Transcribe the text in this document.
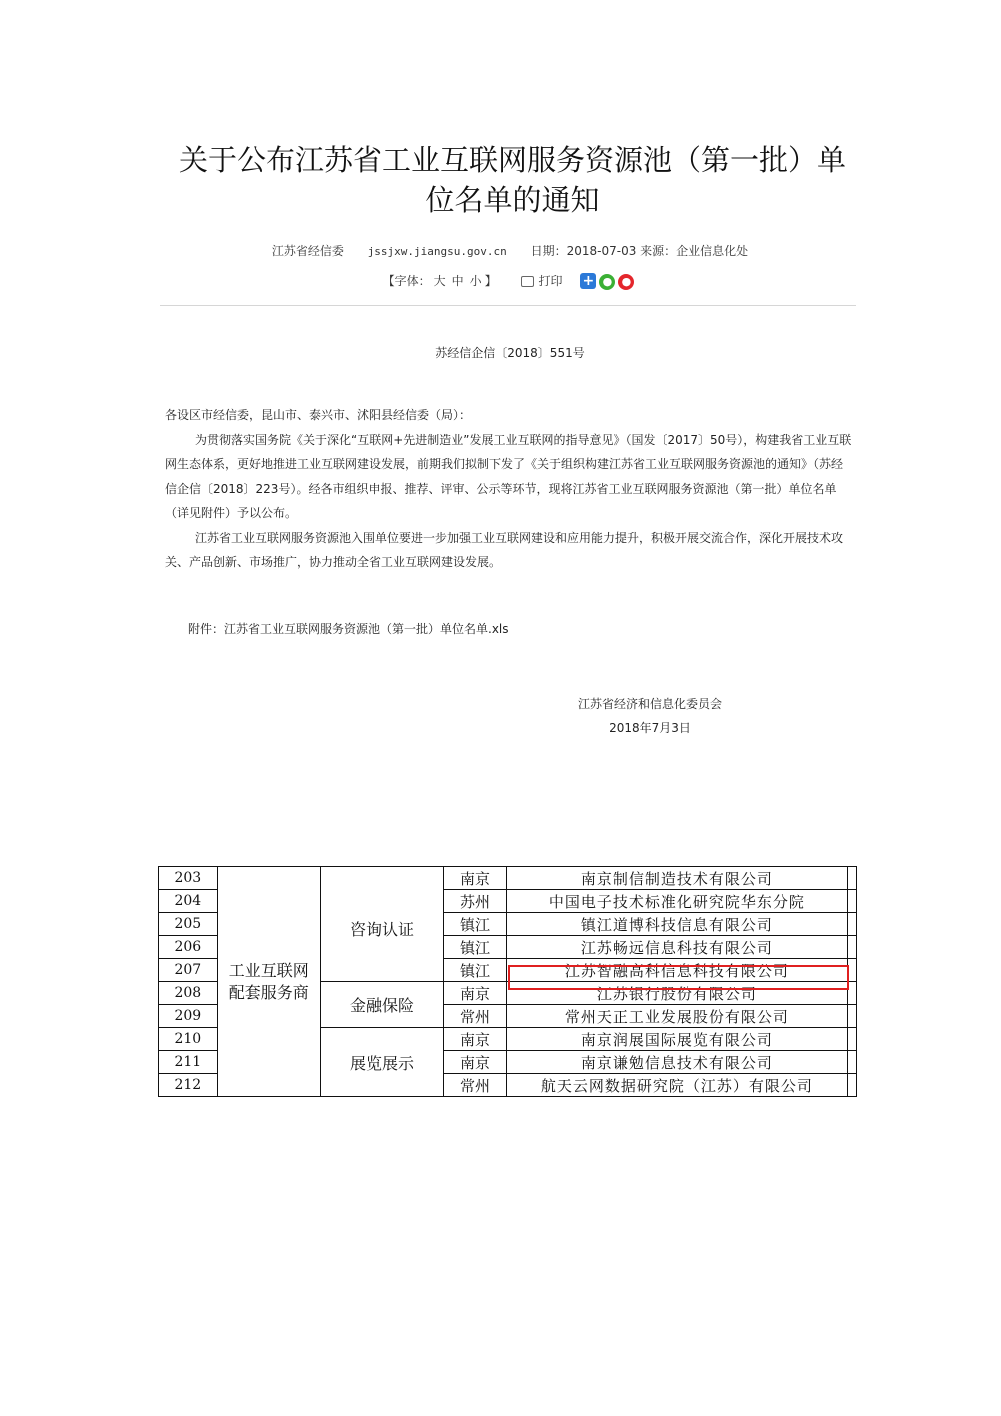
关于公布江苏省工业互联网服务资源池（第一批）单位名单的通知
江苏省经信委 jssjxw.jiangsu.gov.cn 日期：2018-07-03 来源：企业信息化处
【字体： 大 中 小 】	打印 + ● ●
苏经信企信〔2018〕551号

各设区市经信委，昆山市、泰兴市、沭阳县经信委（局）：

为贯彻落实国务院《关于深化“互联网+先进制造业”发展工业互联网的指导意见》（国发〔2017〕50号），构建我省工业互联网生态体系，更好地推进工业互联网建设发展，前期我们拟制下发了《关于组织构建江苏省工业互联网服务资源池的通知》（苏经信企信〔2018〕223号）。经各市组织申报、推荐、评审、公示等环节，现将江苏省工业互联网服务资源池（第一批）单位名单（详见附件）予以公布。

江苏省工业互联网服务资源池入围单位要进一步加强工业互联网建设和应用能力提升，积极开展交流合作，深化开展技术攻关、产品创新、市场推广，协力推动全省工业互联网建设发展。

附件：江苏省工业互联网服务资源池（第一批）单位名单.xls
江苏省经济和信息化委员会
2018年7月3日
203	工业互联网配套服务商	咨询认证	南京	南京制信制造技术有限公司	
204			苏州	中国电子技术标准化研究院华东分院	
205			镇江	镇江道博科技信息有限公司	
206			镇江	江苏畅远信息科技有限公司	
207			镇江	江苏智融高科信息科技有限公司	
208		金融保险	南京	江苏银行股份有限公司	
209			常州	常州天正工业发展股份有限公司	
210		展览展示	南京	南京润展国际展览有限公司	
211			南京	南京谦勉信息技术有限公司	
212			常州	航天云网数据研究院（江苏）有限公司	
